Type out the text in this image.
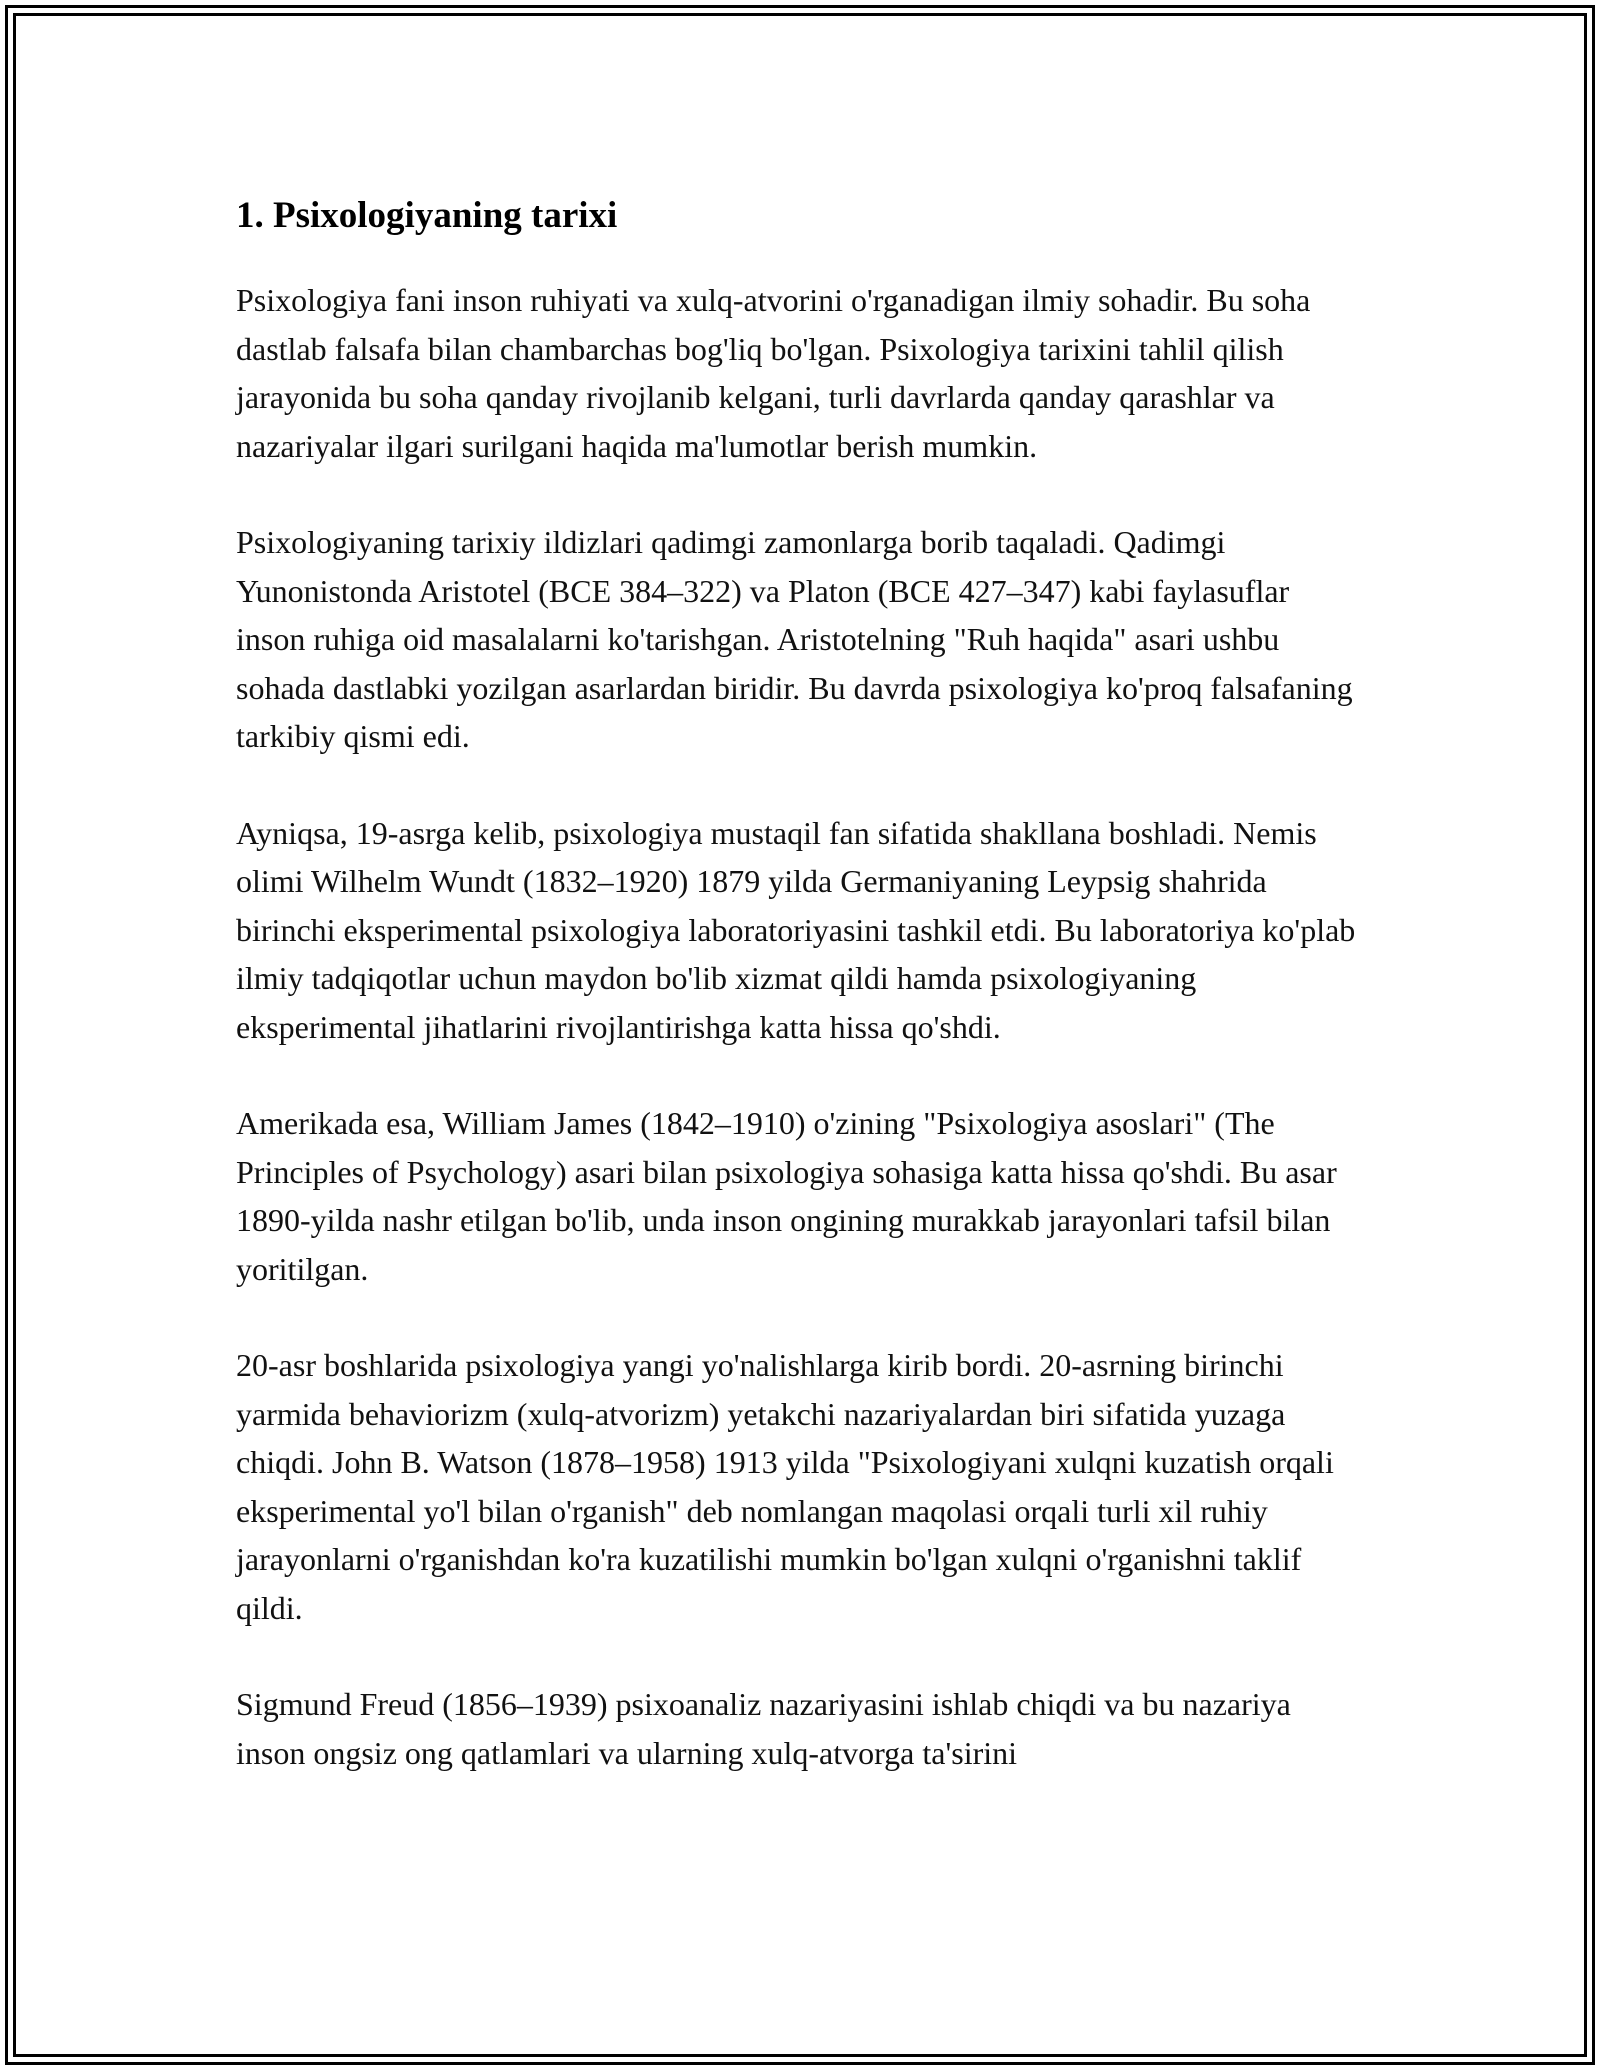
1. Psixologiyaning tarixi

Psixologiya fani inson ruhiyati va xulq-atvorini o'rganadigan ilmiy sohadir. Bu soha dastlab falsafa bilan chambarchas bog'liq bo'lgan. Psixologiya tarixini tahlil qilish jarayonida bu soha qanday rivojlanib kelgani, turli davrlarda qanday qarashlar va nazariyalar ilgari surilgani haqida ma'lumotlar berish mumkin.

Psixologiyaning tarixiy ildizlari qadimgi zamonlarga borib taqaladi. Qadimgi Yunonistonda Aristotel (BCE 384–322) va Platon (BCE 427–347) kabi faylasuflar inson ruhiga oid masalalarni ko'tarishgan. Aristotelning "Ruh haqida" asari ushbu sohada dastlabki yozilgan asarlardan biridir. Bu davrda psixologiya ko'proq falsafaning tarkibiy qismi edi.

Ayniqsa, 19-asrga kelib, psixologiya mustaqil fan sifatida shakllana boshladi. Nemis olimi Wilhelm Wundt (1832–1920) 1879 yilda Germaniyaning Leypsig shahrida birinchi eksperimental psixologiya laboratoriyasini tashkil etdi. Bu laboratoriya ko'plab ilmiy tadqiqotlar uchun maydon bo'lib xizmat qildi hamda psixologiyaning eksperimental jihatlarini rivojlantirishga katta hissa qo'shdi.

Amerikada esa, William James (1842–1910) o'zining "Psixologiya asoslari" (The Principles of Psychology) asari bilan psixologiya sohasiga katta hissa qo'shdi. Bu asar 1890-yilda nashr etilgan bo'lib, unda inson ongining murakkab jarayonlari tafsil bilan yoritilgan.

20-asr boshlarida psixologiya yangi yo'nalishlarga kirib bordi. 20-asrning birinchi yarmida behaviorizm (xulq-atvorizm) yetakchi nazariyalardan biri sifatida yuzaga chiqdi. John B. Watson (1878–1958) 1913 yilda "Psixologiyani xulqni kuzatish orqali eksperimental yo'l bilan o'rganish" deb nomlangan maqolasi orqali turli xil ruhiy jarayonlarni o'rganishdan ko'ra kuzatilishi mumkin bo'lgan xulqni o'rganishni taklif qildi.

Sigmund Freud (1856–1939) psixoanaliz nazariyasini ishlab chiqdi va bu nazariya inson ongsiz ong qatlamlari va ularning xulq-atvorga ta'sirini
